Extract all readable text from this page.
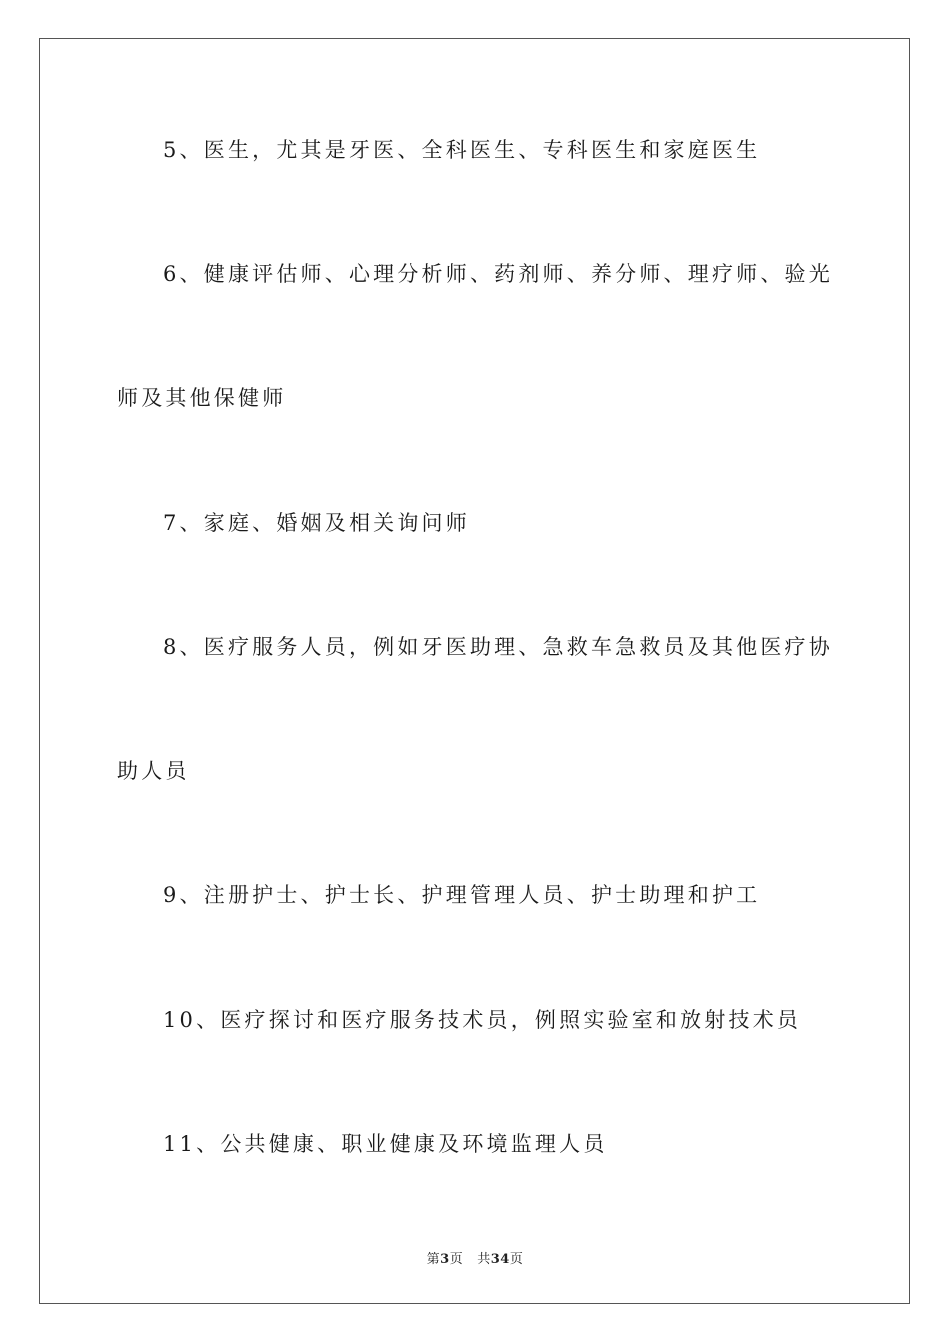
5、医生，尤其是牙医、全科医生、专科医生和家庭医生
6、健康评估师、心理分析师、药剂师、养分师、理疗师、验光
师及其他保健师
7、家庭、婚姻及相关询问师
8、医疗服务人员，例如牙医助理、急救车急救员及其他医疗协
助人员
9、注册护士、护士长、护理管理人员、护士助理和护工
10、医疗探讨和医疗服务技术员，例照实验室和放射技术员
11、公共健康、职业健康及环境监理人员
第3页 共34页
